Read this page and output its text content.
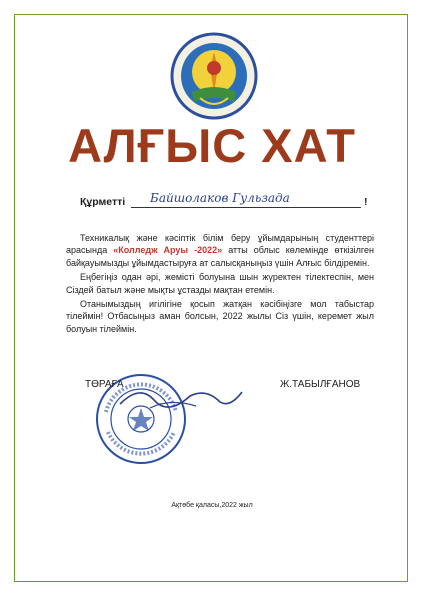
АЛҒЫС ХАТ
Құрметті Байшолаков Гульзада	!

Техникалық және кәсіптік білім беру ұйымдарының студенттері арасында «Колледж Аруы -2022» атты облыс көлемінде өткізілген байқауымызды ұйымдастыруға ат салысқаныңыз үшін Алғыс білдіремін.

Еңбегіңіз одан әрі, жемісті болуына шын жүректен тілектеспін, мен Сіздей батыл және мықты ұстазды мақтан етемін.

Отанымыздың игілігіне қосып жатқан кәсібіңізге мол табыстар тілеймін! Отбасыңыз аман болсын, 2022 жылы Сіз үшін, керемет жыл болуын тілеймін.

ТӨРАҒА	Ж.ТАБЫЛҒАНОВ
Ақтөбе қаласы,2022 жыл
